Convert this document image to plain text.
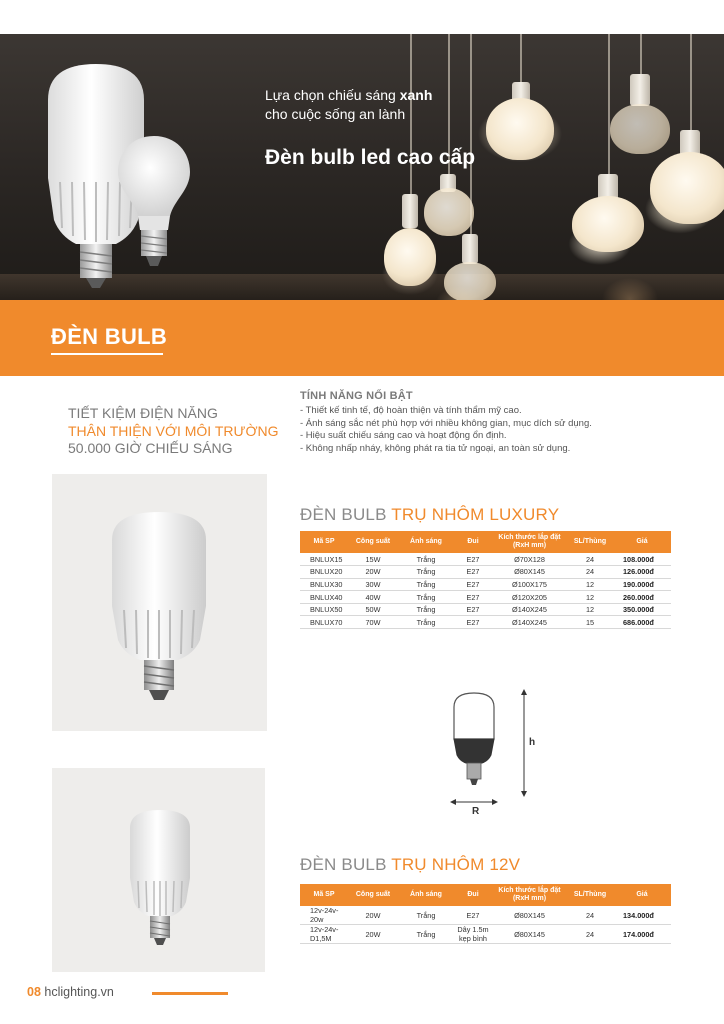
Lựa chọn chiếu sáng xanh
cho cuộc sống an lành
Đèn bulb led cao cấp
ĐÈN BULB
TIẾT KIỆM ĐIỆN NĂNG
THÂN THIỆN VỚI MÔI TRƯỜNG
50.000 GIỜ CHIẾU SÁNG
TÍNH NĂNG NỔI BẬT
- Thiết kế tinh tế, độ hoàn thiện và tính thẩm mỹ cao.
- Ánh sáng sắc nét phù hợp với nhiều không gian, mục dích sử dụng.
- Hiệu suất chiếu sáng cao và hoạt động ổn định.
- Không nhấp nháy, không phát ra tia tử ngoại, an toàn sử dụng.
ĐÈN BULB TRỤ NHÔM LUXURY
Mã SP	Công suất	Ánh sáng	Đui	Kích thước lắp đặt (RxH mm)	SL/Thùng	Giá
BNLUX15	15W	Trắng	E27	Ø70X128	24	108.000đ
BNLUX20	20W	Trắng	E27	Ø80X145	24	126.000đ
BNLUX30	30W	Trắng	E27	Ø100X175	12	190.000đ
BNLUX40	40W	Trắng	E27	Ø120X205	12	260.000đ
BNLUX50	50W	Trắng	E27	Ø140X245	12	350.000đ
BNLUX70	70W	Trắng	E27	Ø140X245	15	686.000đ
h
R
ĐÈN BULB TRỤ NHÔM 12V
Mã SP	Công suất	Ánh sáng	Đui	Kích thước lắp đặt (RxH mm)	SL/Thùng	Giá
12v-24v-20w	20W	Trắng	E27	Ø80X145	24	134.000đ
12v-24v-D1,5M	20W	Trắng	Dây 1.5m kẹp bình	Ø80X145	24	174.000đ
08 hclighting.vn
